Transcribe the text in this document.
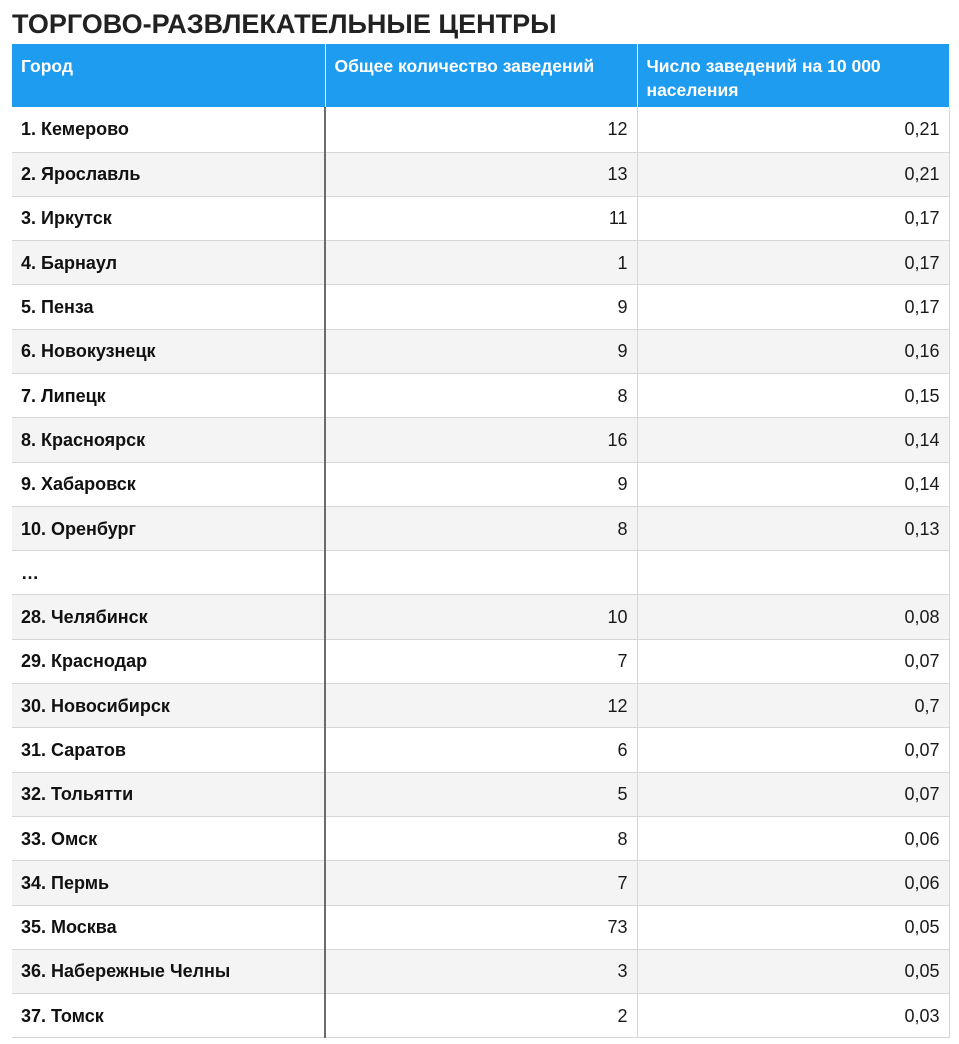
ТОРГОВО-РАЗВЛЕКАТЕЛЬНЫЕ ЦЕНТРЫ
Город	Общее количество заведений	Число заведений на 10 000 населения
1. Кемерово	12	0,21
2. Ярославль	13	0,21
3. Иркутск	11	0,17
4. Барнаул	1	0,17
5. Пенза	9	0,17
6. Новокузнецк	9	0,16
7. Липецк	8	0,15
8. Красноярск	16	0,14
9. Хабаровск	9	0,14
10. Оренбург	8	0,13
…		
28. Челябинск	10	0,08
29. Краснодар	7	0,07
30. Новосибирск	12	0,7
31. Саратов	6	0,07
32. Тольятти	5	0,07
33. Омск	8	0,06
34. Пермь	7	0,06
35. Москва	73	0,05
36. Набережные Челны	3	0,05
37. Томск	2	0,03
